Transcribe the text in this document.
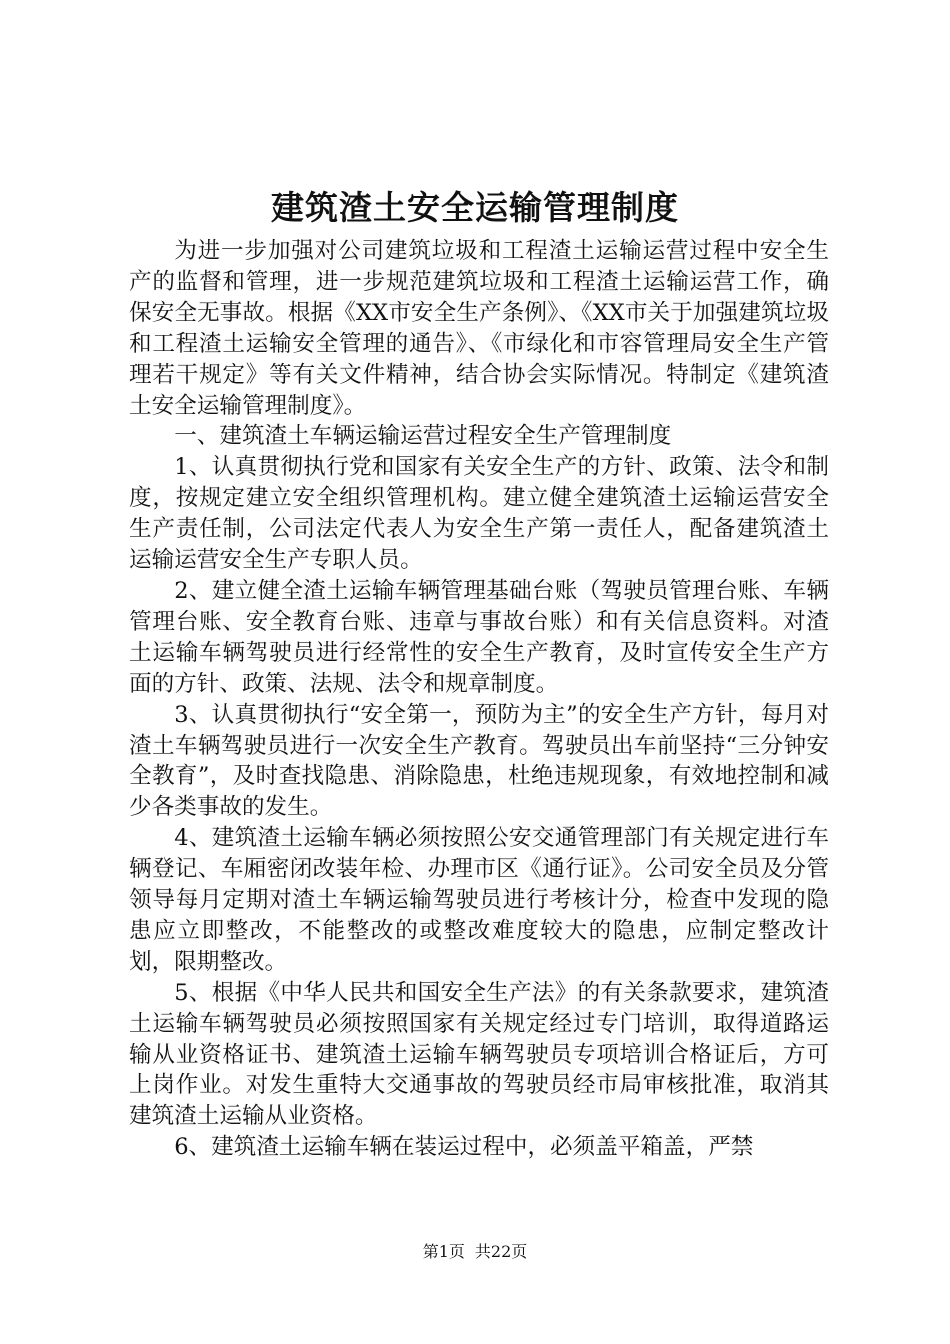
建筑渣土安全运输管理制度

为进一步加强对公司建筑垃圾和工程渣土运输运营过程中安全生产的监督和管理，进一步规范建筑垃圾和工程渣土运输运营工作，确保安全无事故。根据《XX市安全生产条例》、《XX市关于加强建筑垃圾和工程渣土运输安全管理的通告》、《市绿化和市容管理局安全生产管理若干规定》等有关文件精神，结合协会实际情况。特制定《建筑渣土安全运输管理制度》。

一、建筑渣土车辆运输运营过程安全生产管理制度

1、认真贯彻执行党和国家有关安全生产的方针、政策、法令和制度，按规定建立安全组织管理机构。建立健全建筑渣土运输运营安全生产责任制，公司法定代表人为安全生产第一责任人，配备建筑渣土运输运营安全生产专职人员。

2、建立健全渣土运输车辆管理基础台账（驾驶员管理台账、车辆管理台账、安全教育台账、违章与事故台账）和有关信息资料。对渣土运输车辆驾驶员进行经常性的安全生产教育，及时宣传安全生产方面的方针、政策、法规、法令和规章制度。

3、认真贯彻执行“安全第一，预防为主”的安全生产方针，每月对渣土车辆驾驶员进行一次安全生产教育。驾驶员出车前坚持“三分钟安全教育”，及时查找隐患、消除隐患，杜绝违规现象，有效地控制和减少各类事故的发生。

4、建筑渣土运输车辆必须按照公安交通管理部门有关规定进行车辆登记、车厢密闭改装年检、办理市区《通行证》。公司安全员及分管领导每月定期对渣土车辆运输驾驶员进行考核计分，检查中发现的隐患应立即整改，不能整改的或整改难度较大的隐患，应制定整改计划，限期整改。

5、根据《中华人民共和国安全生产法》的有关条款要求，建筑渣土运输车辆驾驶员必须按照国家有关规定经过专门培训，取得道路运输从业资格证书、建筑渣土运输车辆驾驶员专项培训合格证后，方可上岗作业。对发生重特大交通事故的驾驶员经市局审核批准，取消其建筑渣土运输从业资格。

6、建筑渣土运输车辆在装运过程中，必须盖平箱盖，严禁

第1页 共22页
